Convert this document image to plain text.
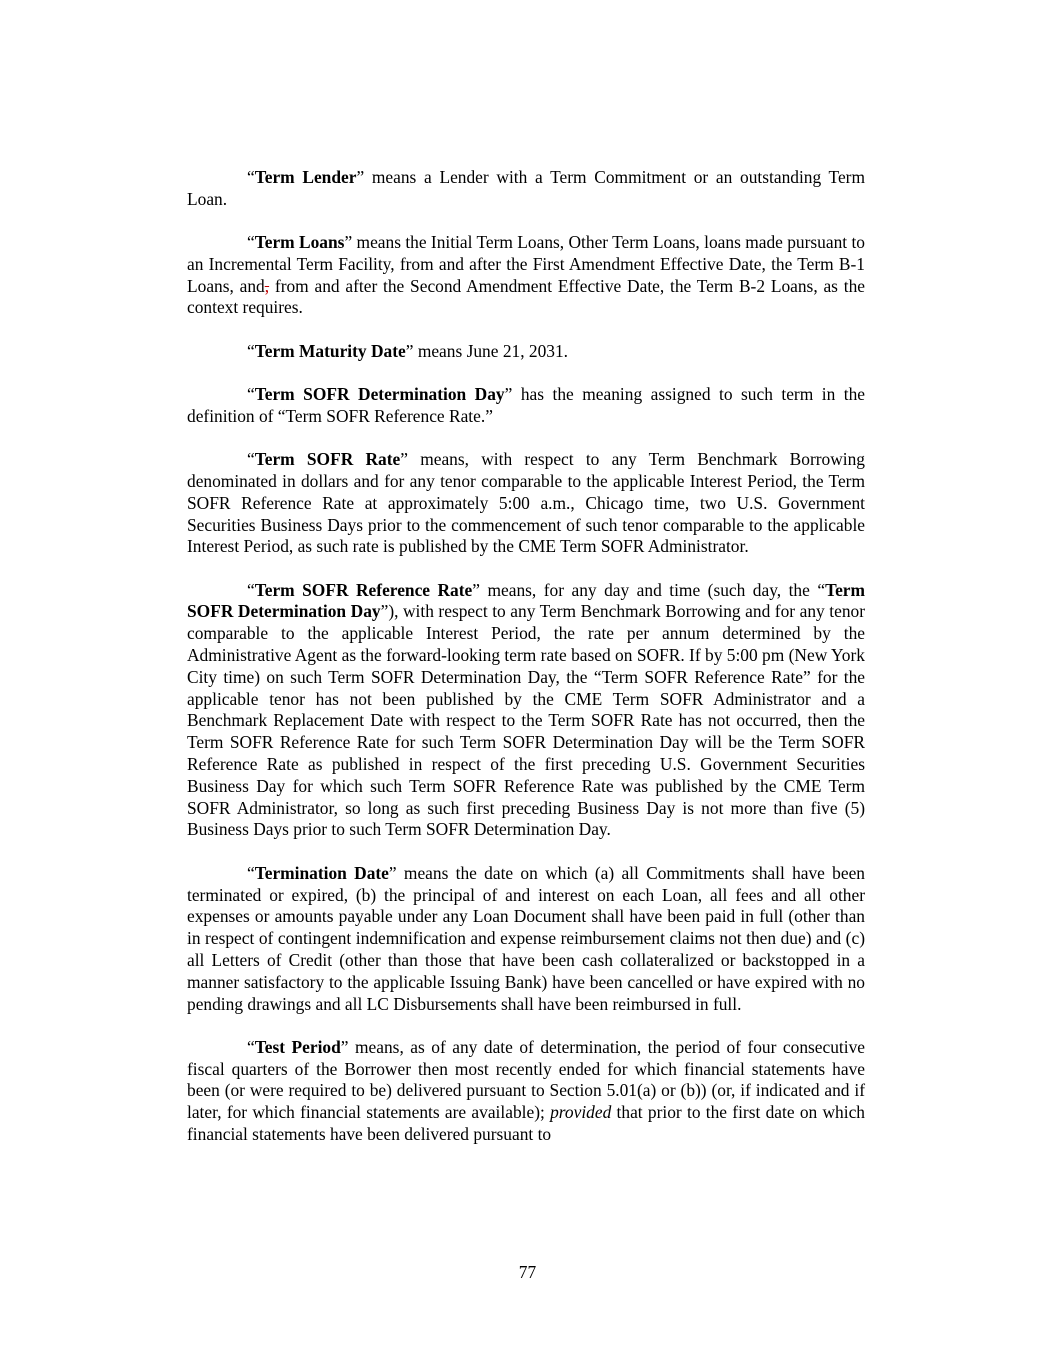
“Term Lender” means a Lender with a Term Commitment or an outstanding Term Loan.

“Term Loans” means the Initial Term Loans, Other Term Loans, loans made pursuant to an Incremental Term Facility, from and after the First Amendment Effective Date, the Term B-1 Loans, and, from and after the Second Amendment Effective Date, the Term B-2 Loans, as the context requires.

“Term Maturity Date” means June 21, 2031.

“Term SOFR Determination Day” has the meaning assigned to such term in the definition of “Term SOFR Reference Rate.”

“Term SOFR Rate” means, with respect to any Term Benchmark Borrowing denominated in dollars and for any tenor comparable to the applicable Interest Period, the Term SOFR Reference Rate at approximately 5:00 a.m., Chicago time, two U.S. Government Securities Business Days prior to the commencement of such tenor comparable to the applicable Interest Period, as such rate is published by the CME Term SOFR Administrator.

“Term SOFR Reference Rate” means, for any day and time (such day, the “Term SOFR Determination Day”), with respect to any Term Benchmark Borrowing and for any tenor comparable to the applicable Interest Period, the rate per annum determined by the Administrative Agent as the forward-looking term rate based on SOFR. If by 5:00 pm (New York City time) on such Term SOFR Determination Day, the “Term SOFR Reference Rate” for the applicable tenor has not been published by the CME Term SOFR Administrator and a Benchmark Replacement Date with respect to the Term SOFR Rate has not occurred, then the Term SOFR Reference Rate for such Term SOFR Determination Day will be the Term SOFR Reference Rate as published in respect of the first preceding U.S. Government Securities Business Day for which such Term SOFR Reference Rate was published by the CME Term SOFR Administrator, so long as such first preceding Business Day is not more than five (5) Business Days prior to such Term SOFR Determination Day.

“Termination Date” means the date on which (a) all Commitments shall have been terminated or expired, (b) the principal of and interest on each Loan, all fees and all other expenses or amounts payable under any Loan Document shall have been paid in full (other than in respect of contingent indemnification and expense reimbursement claims not then due) and (c) all Letters of Credit (other than those that have been cash collateralized or backstopped in a manner satisfactory to the applicable Issuing Bank) have been cancelled or have expired with no pending drawings and all LC Disbursements shall have been reimbursed in full.

“Test Period” means, as of any date of determination, the period of four consecutive fiscal quarters of the Borrower then most recently ended for which financial statements have been (or were required to be) delivered pursuant to Section 5.01(a) or (b)) (or, if indicated and if later, for which financial statements are available); provided that prior to the first date on which financial statements have been delivered pursuant to

77
